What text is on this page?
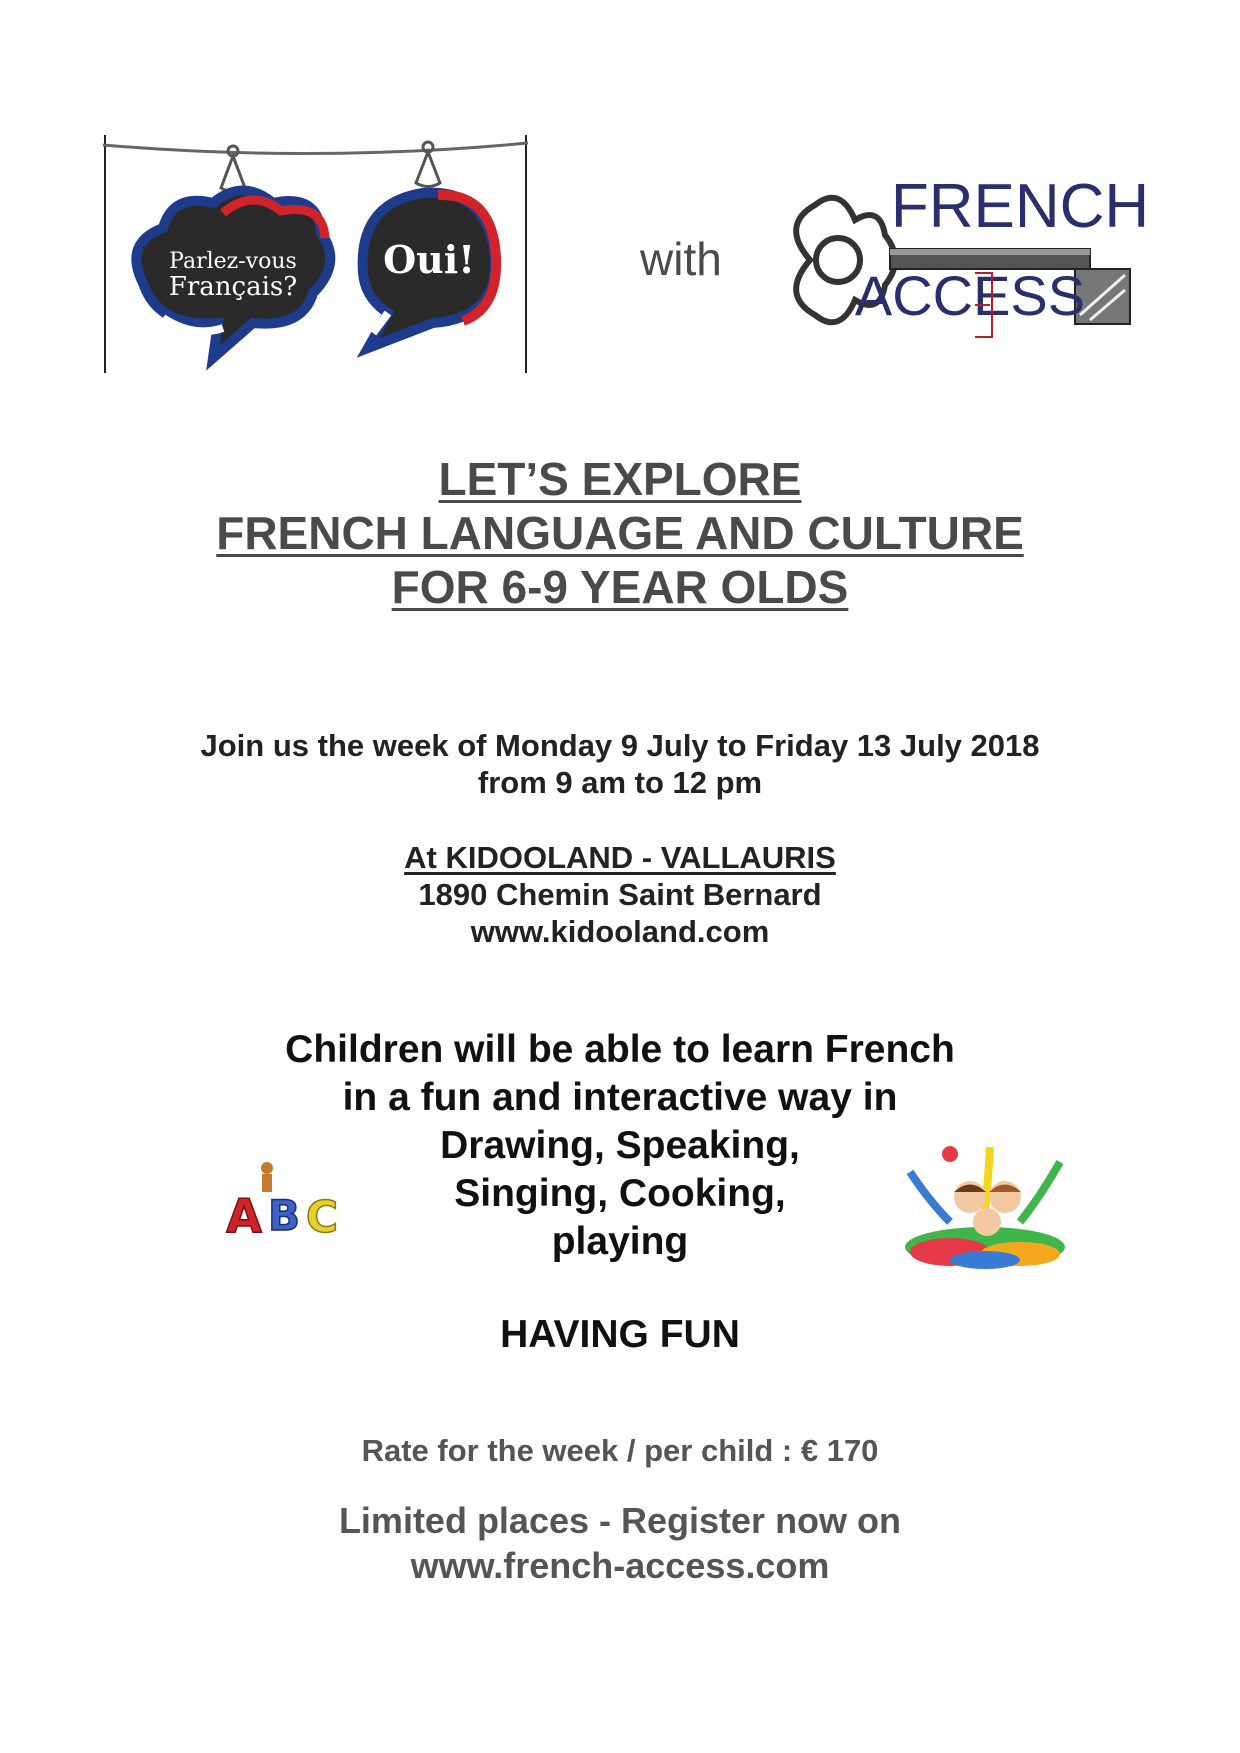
Parlez-vous
Français?
Oui!	with
FRENCH
ACCESS
LET’S EXPLORE
FRENCH LANGUAGE AND CULTURE
FOR 6-9 YEAR OLDS
Join us the week of Monday 9 July to Friday 13 July 2018
from 9 am to 12 pm
At KIDOOLAND - VALLAURIS
1890 Chemin Saint Bernard
www.kidooland.com
Children will be able to learn French
in a fun and interactive way in
Drawing, Speaking,
Singing, Cooking,
playing
HAVING FUN
A B C
Rate for the week / per child : € 170
Limited places - Register now on
www.french-access.com
